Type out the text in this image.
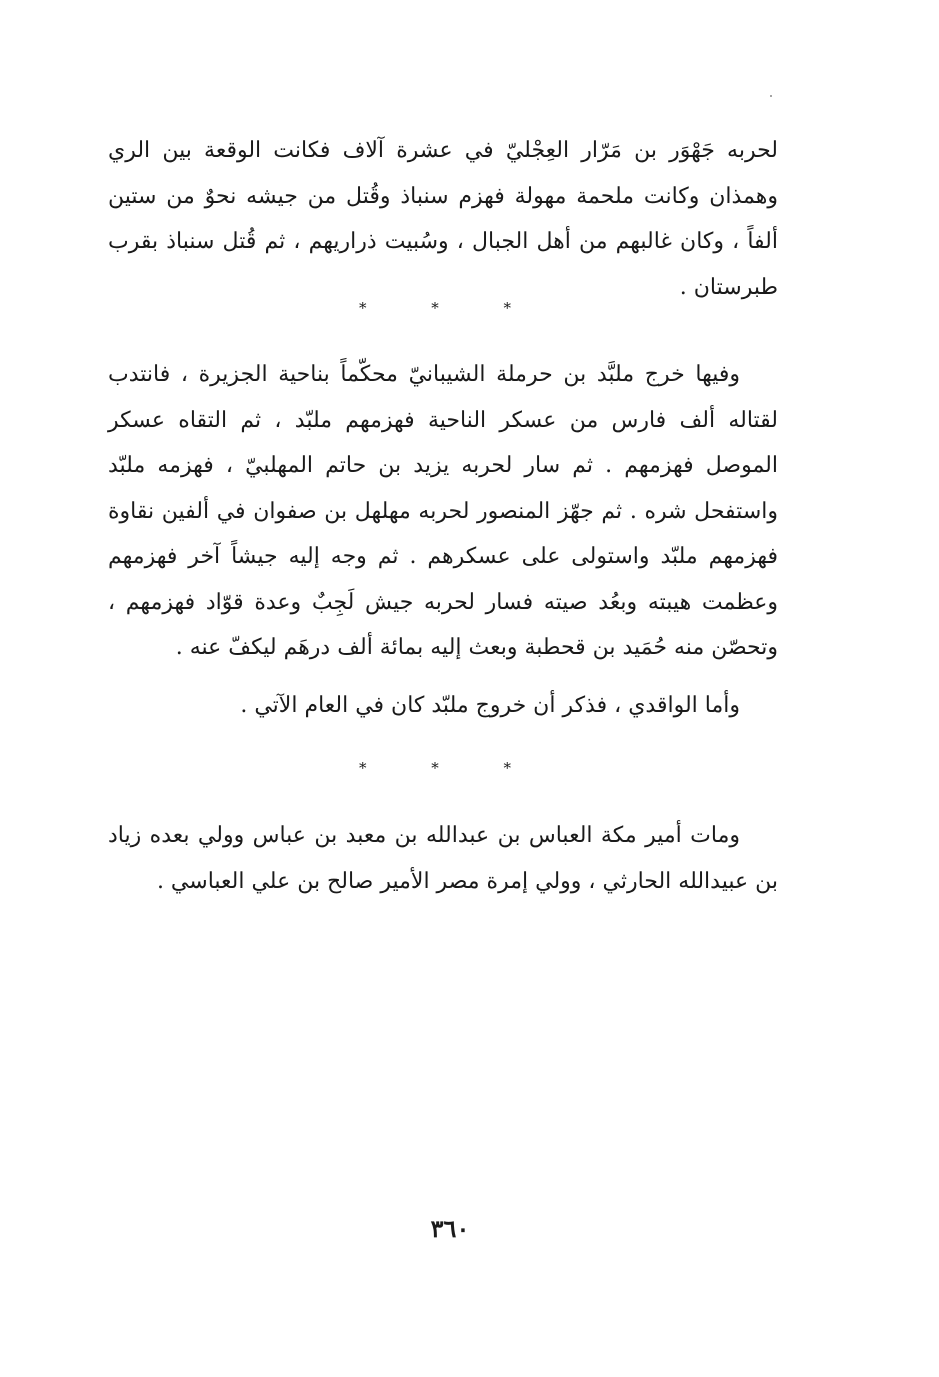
لحربه جَهْوَر بن مَرّار العِجْليّ في عشرة آلاف فكانت الوقعة بين الري وهمذان وكانت ملحمة مهولة فهزم سنباذ وقُتل من جيشه نحوٌ من ستين ألفاً ، وكان غالبهم من أهل الجبال ، وسُبيت ذراريهم ، ثم قُتل سنباذ بقرب طبرستان .

* * *

وفيها خرج ملبَّد بن حرملة الشيبانيّ محكّماً بناحية الجزيرة ، فانتدب لقتاله ألف فارس من عسكر الناحية فهزمهم ملبّد ، ثم التقاه عسكر الموصل فهزمهم . ثم سار لحربه يزيد بن حاتم المهلبيّ ، فهزمه ملبّد واستفحل شره . ثم جهّز المنصور لحربه مهلهل بن صفوان في ألفين نقاوة فهزمهم ملبّد واستولى على عسكرهم . ثم وجه إليه جيشاً آخر فهزمهم وعظمت هيبته وبعُد صيته فسار لحربه جيش لَجِبٌ وعدة قوّاد فهزمهم ، وتحصّن منه حُمَيد بن قحطبة وبعث إليه بمائة ألف درهَم ليكفّ عنه .

وأما الواقدي ، فذكر أن خروج ملبّد كان في العام الآتي .

* * *

ومات أمير مكة العباس بن عبدالله بن معبد بن عباس وولي بعده زياد بن عبيدالله الحارثي ، وولي إمرة مصر الأمير صالح بن علي العباسي .

٣٦٠
